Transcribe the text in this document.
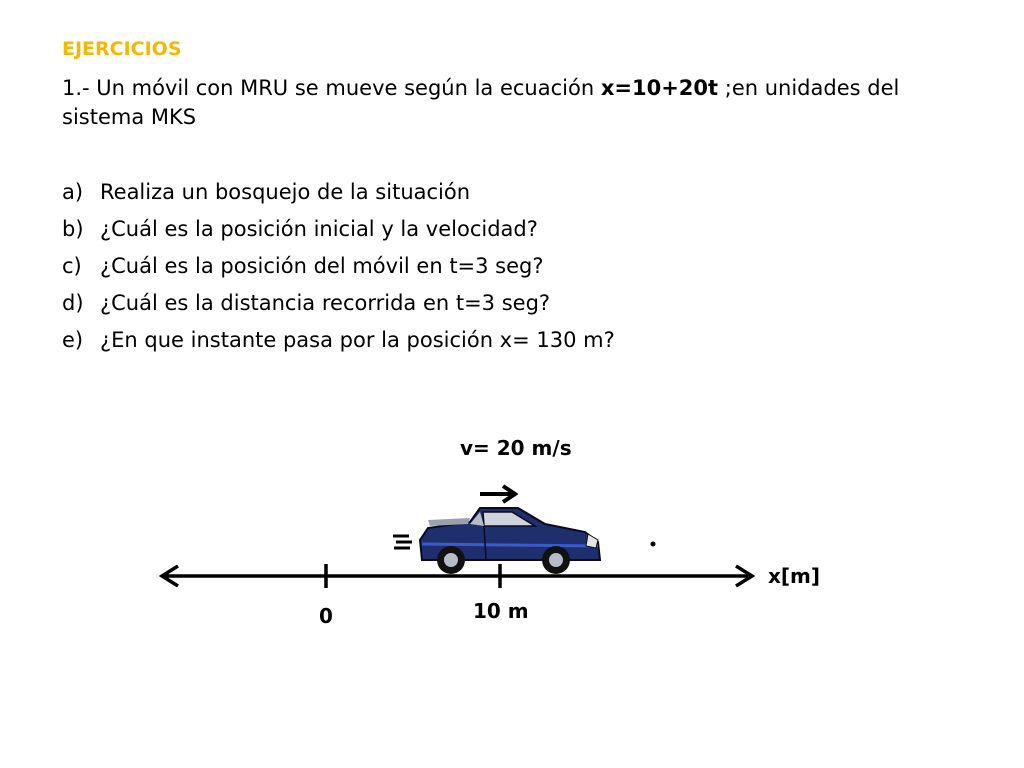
EJERCICIOS

1.- Un móvil con MRU se mueve según la ecuación x=10+20t ;en unidades del sistema MKS

a) Realiza un bosquejo de la situación
b) ¿Cuál es la posición inicial y la velocidad?
c) ¿Cuál es la posición del móvil en t=3 seg?
d) ¿Cuál es la distancia recorrida en t=3 seg?
e) ¿En que instante pasa por la posición x= 130 m?
v= 20 m/s
x[m]
0	10 m
